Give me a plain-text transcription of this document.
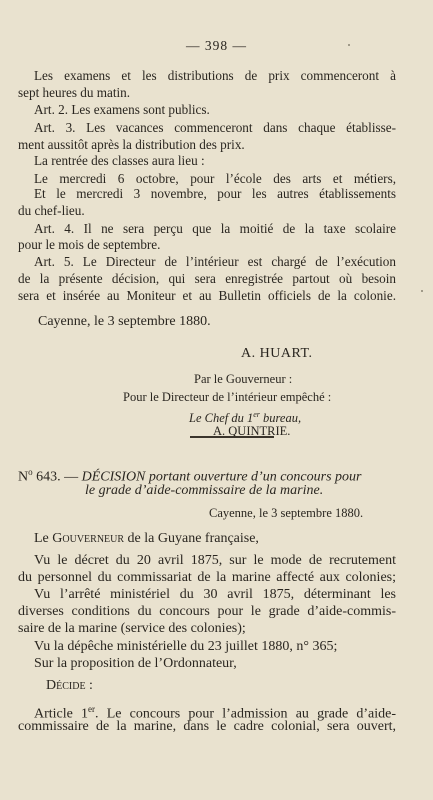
— 398 —
Les examens et les distributions de prix commenceront à
sept heures du matin.
Art. 2. Les examens sont publics.
Art. 3. Les vacances commenceront dans chaque établisse-
ment aussitôt après la distribution des prix.
La rentrée des classes aura lieu :
Le mercredi 6 octobre, pour l’école des arts et métiers,
Et le mercredi 3 novembre, pour les autres établissements
du chef-lieu.
Art. 4. Il ne sera perçu que la moitié de la taxe scolaire
pour le mois de septembre.
Art. 5. Le Directeur de l’intérieur est chargé de l’exécution
de la présente décision, qui sera enregistrée partout où besoin
sera et insérée au Moniteur et au Bulletin officiels de la colonie.
Cayenne, le 3 septembre 1880.
A. HUART.
Par le Gouverneur :
Pour le Directeur de l’intérieur empêché :
Le Chef du 1er bureau,
A. QUINTRIE.
$N^o$ 643. — DÉCISION portant ouverture d’un concours pour
le grade d’aide-commissaire de la marine.
Cayenne, le 3 septembre 1880.
Le Gouverneur de la Guyane française,
Vu le décret du 20 avril 1875, sur le mode de recrutement
du personnel du commissariat de la marine affecté aux colonies;
Vu l’arrêté ministériel du 30 avril 1875, déterminant les
diverses conditions du concours pour le grade d’aide-commis-
saire de la marine (service des colonies);
Vu la dépêche ministérielle du 23 juillet 1880, n° 365;
Sur la proposition de l’Ordonnateur,
Décide :
Article 1er. Le concours pour l’admission au grade d’aide-
commissaire de la marine, dans le cadre colonial, sera ouvert,
